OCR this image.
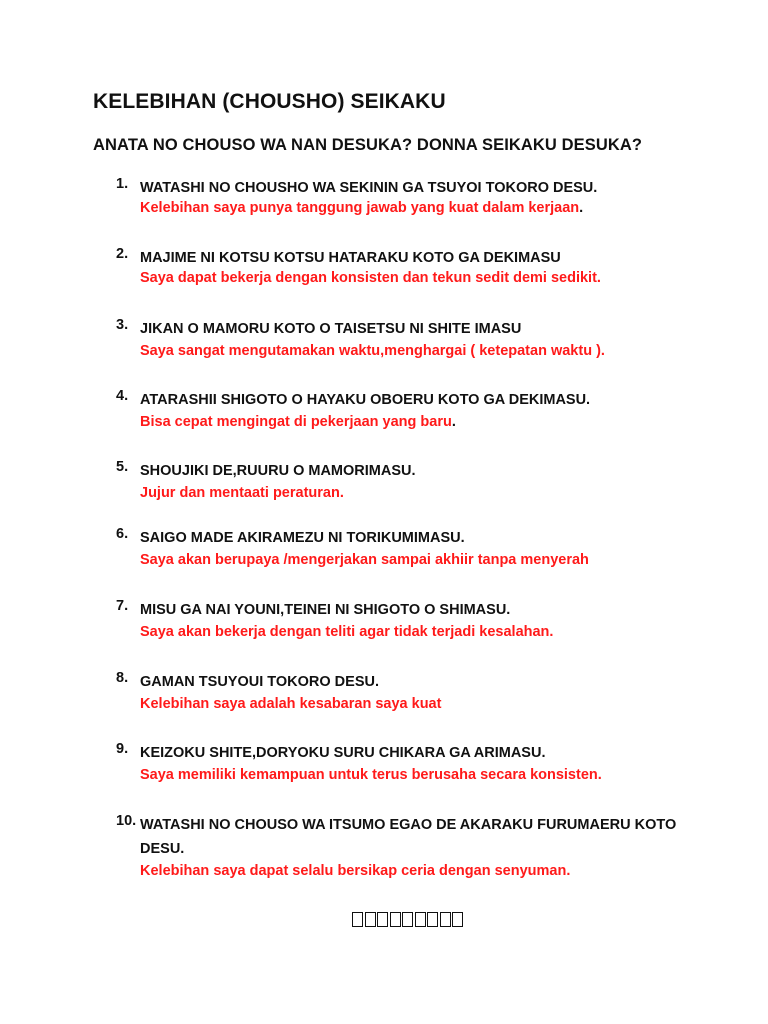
KELEBIHAN (CHOUSHO) SEIKAKU
ANATA NO CHOUSO WA NAN DESUKA? DONNA SEIKAKU DESUKA?
1. WATASHI NO CHOUSHO WA SEKININ GA TSUYOI TOKORO DESU.
Kelebihan saya punya tanggung jawab yang kuat dalam kerjaan.
2. MAJIME NI KOTSU KOTSU HATARAKU KOTO GA DEKIMASU
Saya dapat bekerja dengan konsisten dan tekun sedit demi sedikit.
3. JIKAN O MAMORU KOTO O TAISETSU NI SHITE IMASU
Saya sangat mengutamakan waktu,menghargai ( ketepatan waktu ).
4. ATARASHII SHIGOTO O HAYAKU OBOERU KOTO GA DEKIMASU.
Bisa cepat mengingat di pekerjaan yang baru.
5. SHOUJIKI DE,RUURU O MAMORIMASU.
Jujur dan mentaati peraturan.
6. SAIGO MADE AKIRAMEZU NI TORIKUMIMASU.
Saya akan berupaya /mengerjakan sampai akhiir tanpa menyerah
7. MISU GA NAI YOUNI,TEINEI NI SHIGOTO O SHIMASU.
Saya akan bekerja dengan teliti agar tidak terjadi kesalahan.
8. GAMAN TSUYOUI TOKORO DESU.
Kelebihan saya adalah kesabaran saya kuat
9. KEIZOKU SHITE,DORYOKU SURU CHIKARA GA ARIMASU.
Saya memiliki kemampuan untuk terus berusaha secara konsisten.
10. WATASHI NO CHOUSO WA ITSUMO EGAO DE AKARAKU FURUMAERU KOTO DESU.
Kelebihan saya dapat selalu bersikap ceria dengan senyuman.
